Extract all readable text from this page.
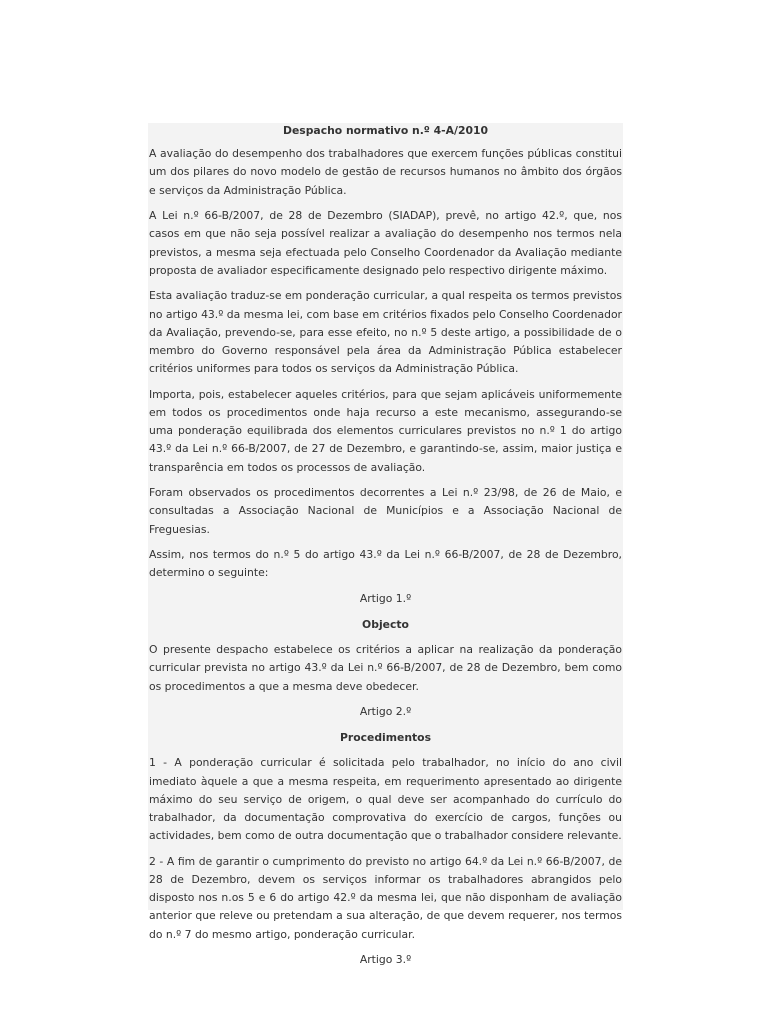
Despacho normativo n.º 4-A/2010

A avaliação do desempenho dos trabalhadores que exercem funções públicas constitui um dos pilares do novo modelo de gestão de recursos humanos no âmbito dos órgãos e serviços da Administração Pública.

A Lei n.º 66-B/2007, de 28 de Dezembro (SIADAP), prevê, no artigo 42.º, que, nos casos em que não seja possível realizar a avaliação do desempenho nos termos nela previstos, a mesma seja efectuada pelo Conselho Coordenador da Avaliação mediante proposta de avaliador especificamente designado pelo respectivo dirigente máximo.

Esta avaliação traduz-se em ponderação curricular, a qual respeita os termos previstos no artigo 43.º da mesma lei, com base em critérios fixados pelo Conselho Coordenador da Avaliação, prevendo-se, para esse efeito, no n.º 5 deste artigo, a possibilidade de o membro do Governo responsável pela área da Administração Pública estabelecer critérios uniformes para todos os serviços da Administração Pública.

Importa, pois, estabelecer aqueles critérios, para que sejam aplicáveis uniformemente em todos os procedimentos onde haja recurso a este mecanismo, assegurando-se uma ponderação equilibrada dos elementos curriculares previstos no n.º 1 do artigo 43.º da Lei n.º 66-B/2007, de 27 de Dezembro, e garantindo-se, assim, maior justiça e transparência em todos os processos de avaliação.

Foram observados os procedimentos decorrentes a Lei n.º 23/98, de 26 de Maio, e consultadas a Associação Nacional de Municípios e a Associação Nacional de Freguesias.

Assim, nos termos do n.º 5 do artigo 43.º da Lei n.º 66-B/2007, de 28 de Dezembro, determino o seguinte:

Artigo 1.º

Objecto

O presente despacho estabelece os critérios a aplicar na realização da ponderação curricular prevista no artigo 43.º da Lei n.º 66-B/2007, de 28 de Dezembro, bem como os procedimentos a que a mesma deve obedecer.

Artigo 2.º

Procedimentos

1 - A ponderação curricular é solicitada pelo trabalhador, no início do ano civil imediato àquele a que a mesma respeita, em requerimento apresentado ao dirigente máximo do seu serviço de origem, o qual deve ser acompanhado do currículo do trabalhador, da documentação comprovativa do exercício de cargos, funções ou actividades, bem como de outra documentação que o trabalhador considere relevante.

2 - A fim de garantir o cumprimento do previsto no artigo 64.º da Lei n.º 66-B/2007, de 28 de Dezembro, devem os serviços informar os trabalhadores abrangidos pelo disposto nos n.os 5 e 6 do artigo 42.º da mesma lei, que não disponham de avaliação anterior que releve ou pretendam a sua alteração, de que devem requerer, nos termos do n.º 7 do mesmo artigo, ponderação curricular.

Artigo 3.º
